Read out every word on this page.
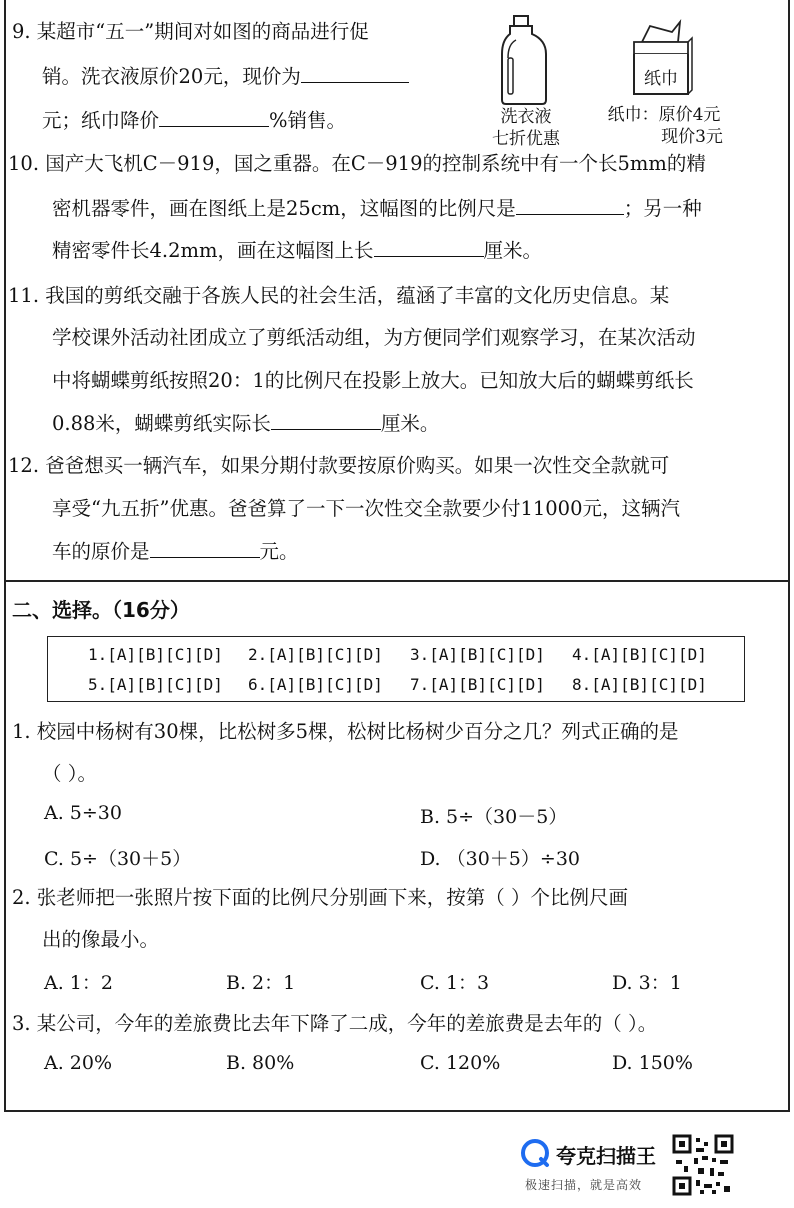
9. 某超市“五一”期间对如图的商品进行促
销。洗衣液原价20元，现价为
元；纸巾降价	%销售。	洗衣液
七折优惠
纸巾
纸巾：原价4元
现价3元
10. 国产大飞机C－919，国之重器。在C－919的控制系统中有一个长5mm的精
密机器零件，画在图纸上是25cm，这幅图的比例尺是	；另一种
精密零件长4.2mm，画在这幅图上长	厘米。
11. 我国的剪纸交融于各族人民的社会生活，蕴涵了丰富的文化历史信息。某
学校课外活动社团成立了剪纸活动组，为方便同学们观察学习，在某次活动
中将蝴蝶剪纸按照20：1的比例尺在投影上放大。已知放大后的蝴蝶剪纸长
0.88米，蝴蝶剪纸实际长	厘米。
12. 爸爸想买一辆汽车，如果分期付款要按原价购买。如果一次性交全款就可
享受“九五折”优惠。爸爸算了一下一次性交全款要少付11000元，这辆汽
车的原价是	元。
二、选择。（16分）
1.[A][B][C][D] 2.[A][B][C][D] 3.[A][B][C][D] 4.[A][B][C][D]
5.[A][B][C][D] 6.[A][B][C][D] 7.[A][B][C][D] 8.[A][B][C][D]
1. 校园中杨树有30棵，比松树多5棵，松树比杨树少百分之几？列式正确的是
（ ）。
A. 5÷30	B. 5÷（30－5）
C. 5÷（30＋5）	D. （30＋5）÷30
2. 张老师把一张照片按下面的比例尺分别画下来，按第（ ）个比例尺画
出的像最小。
A. 1：2	B. 2：1	C. 1：3	D. 3：1
3. 某公司，今年的差旅费比去年下降了二成，今年的差旅费是去年的（ ）。
A. 20%	B. 80%	C. 120%	D. 150%
夸克扫描王
极速扫描，就是高效
